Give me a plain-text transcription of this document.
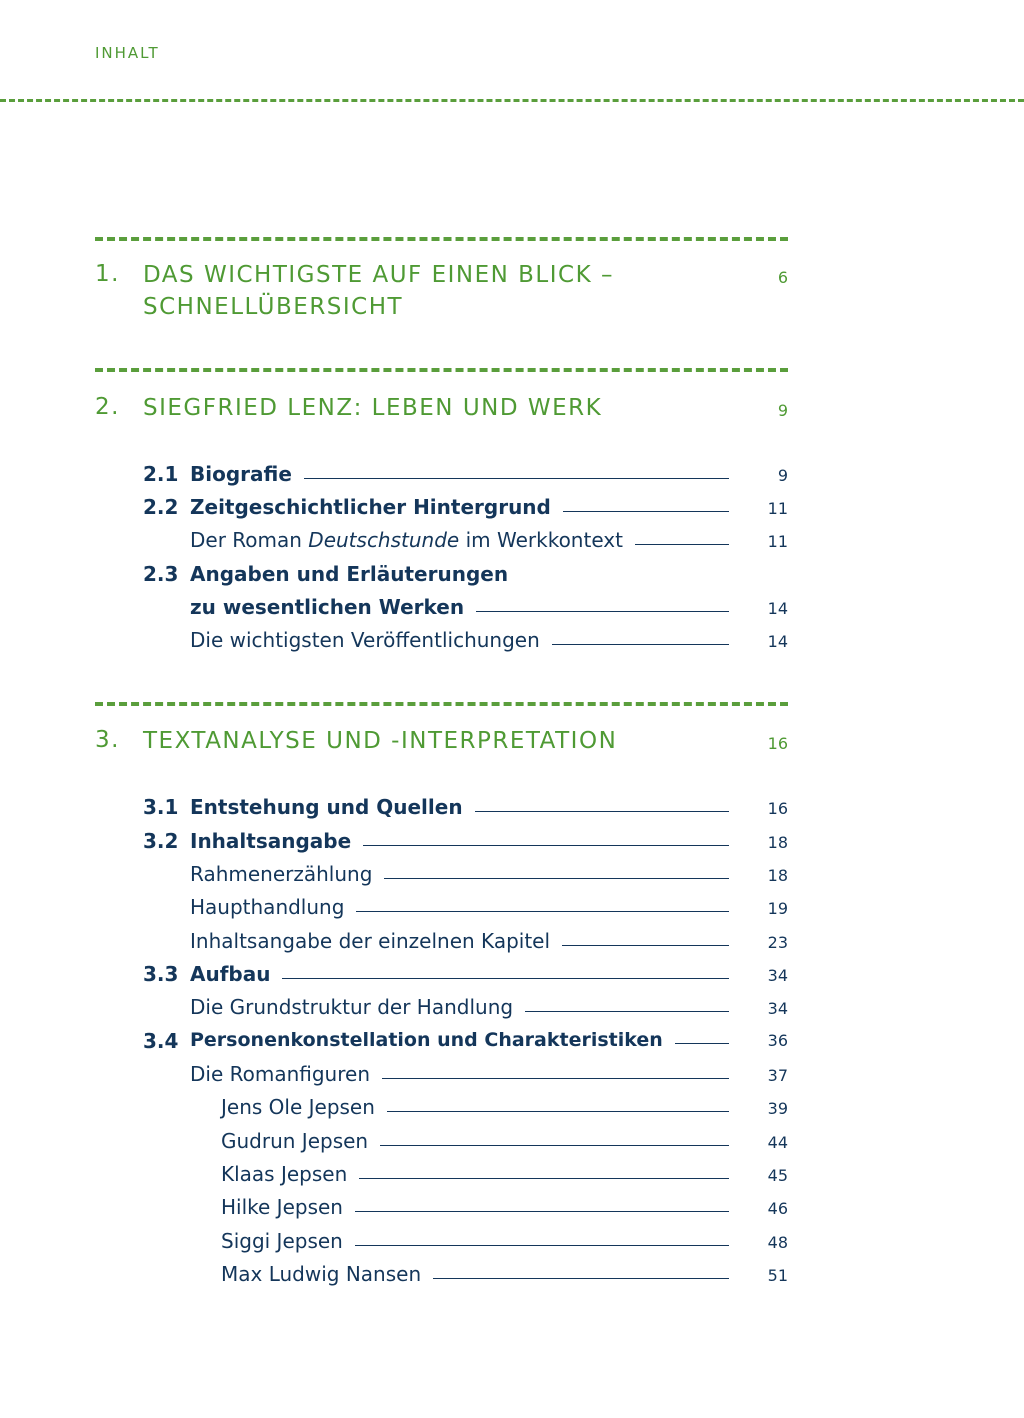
INHALT
1. DAS WICHTIGSTE AUF EINEN BLICK –
SCHNELLÜBERSICHT
6
2. SIEGFRIED LENZ: LEBEN UND WERK	9
2.1 Biografie	9
2.2 Zeitgeschichtlicher Hintergrund	11
Der Roman Deutschstunde im Werkkontext	11
2.3 Angaben und Erläuterungen
zu wesentlichen Werken	14
Die wichtigsten Veröffentlichungen	14
3. TEXTANALYSE UND -INTERPRETATION	16
3.1 Entstehung und Quellen	16
3.2 Inhaltsangabe	18
Rahmenerzählung	18
Haupthandlung	19
Inhaltsangabe der einzelnen Kapitel	23
3.3 Aufbau	34
Die Grundstruktur der Handlung	34
3.4 Personenkonstellation und Charakteristiken	36
Die Romanfiguren	37
Jens Ole Jepsen	39
Gudrun Jepsen	44
Klaas Jepsen	45
Hilke Jepsen	46
Siggi Jepsen	48
Max Ludwig Nansen	51
